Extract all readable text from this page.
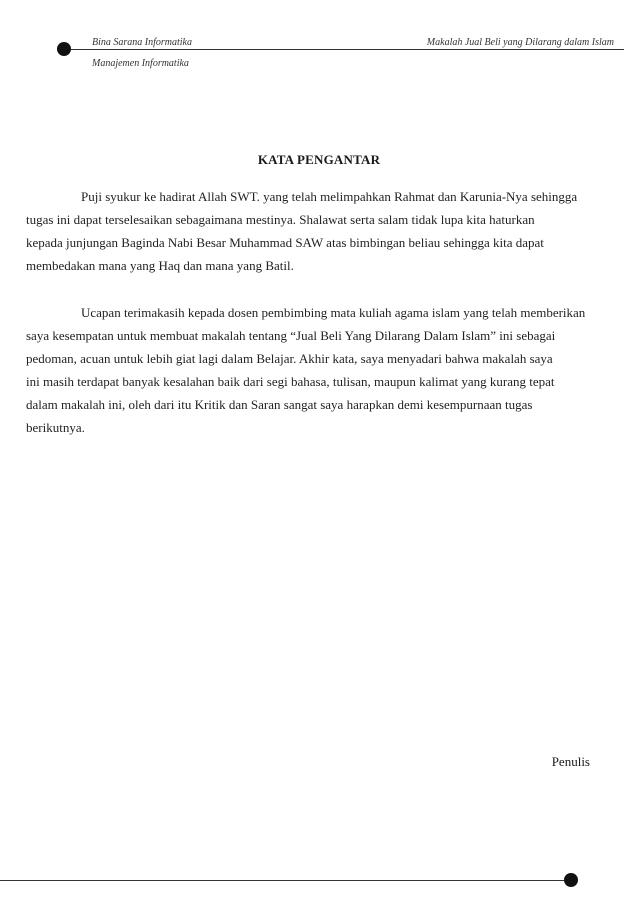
Bina Sarana Informatika
Manajemen Informatika
Makalah Jual Beli yang Dilarang dalam Islam
KATA PENGANTAR
Puji syukur ke hadirat Allah SWT. yang telah melimpahkan Rahmat dan Karunia-Nya sehingga
tugas ini dapat terselesaikan sebagaimana mestinya. Shalawat serta salam tidak lupa kita haturkan
kepada junjungan Baginda Nabi Besar Muhammad SAW atas bimbingan beliau sehingga kita dapat
membedakan mana yang Haq dan mana yang Batil.
Ucapan terimakasih kepada dosen pembimbing mata kuliah agama islam yang telah memberikan
saya kesempatan untuk membuat makalah tentang “Jual Beli Yang Dilarang Dalam Islam” ini sebagai
pedoman, acuan untuk lebih giat lagi dalam Belajar. Akhir kata, saya menyadari bahwa makalah saya
ini masih terdapat banyak kesalahan baik dari segi bahasa, tulisan, maupun kalimat yang kurang tepat
dalam makalah ini, oleh dari itu Kritik dan Saran sangat saya harapkan demi kesempurnaan tugas
berikutnya.
Penulis
